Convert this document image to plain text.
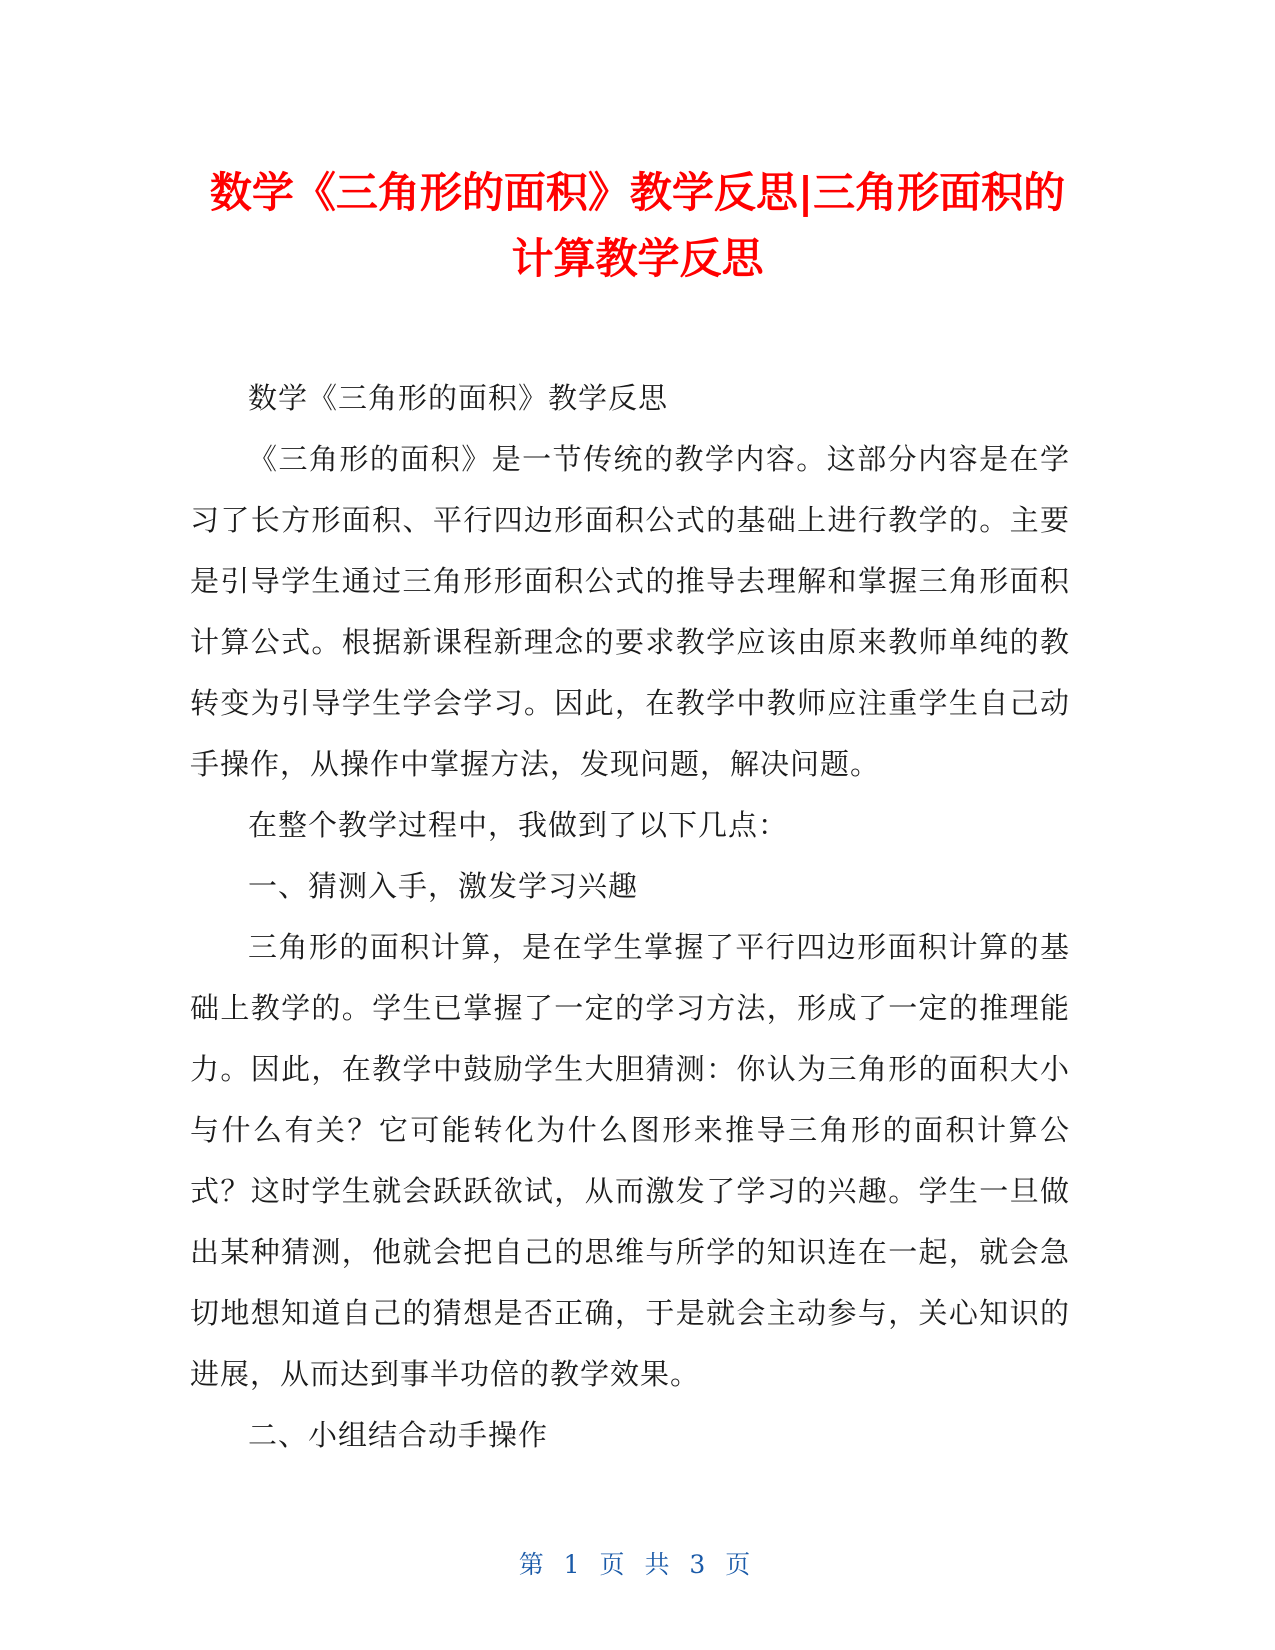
数学《三角形的面积》教学反思|三角形面积的
计算教学反思

数学《三角形的面积》教学反思

《三角形的面积》是一节传统的教学内容。这部分内容是在学习了长方形面积、平行四边形面积公式的基础上进行教学的。主要是引导学生通过三角形形面积公式的推导去理解和掌握三角形面积计算公式。根据新课程新理念的要求教学应该由原来教师单纯的教转变为引导学生学会学习。因此，在教学中教师应注重学生自己动手操作，从操作中掌握方法，发现问题，解决问题。

在整个教学过程中，我做到了以下几点：

一、猜测入手，激发学习兴趣

三角形的面积计算，是在学生掌握了平行四边形面积计算的基础上教学的。学生已掌握了一定的学习方法，形成了一定的推理能力。因此，在教学中鼓励学生大胆猜测：你认为三角形的面积大小与什么有关？它可能转化为什么图形来推导三角形的面积计算公式？这时学生就会跃跃欲试，从而激发了学习的兴趣。学生一旦做出某种猜测，他就会把自己的思维与所学的知识连在一起，就会急切地想知道自己的猜想是否正确，于是就会主动参与，关心知识的进展，从而达到事半功倍的教学效果。

二、小组结合动手操作

第 1 页 共 3 页
